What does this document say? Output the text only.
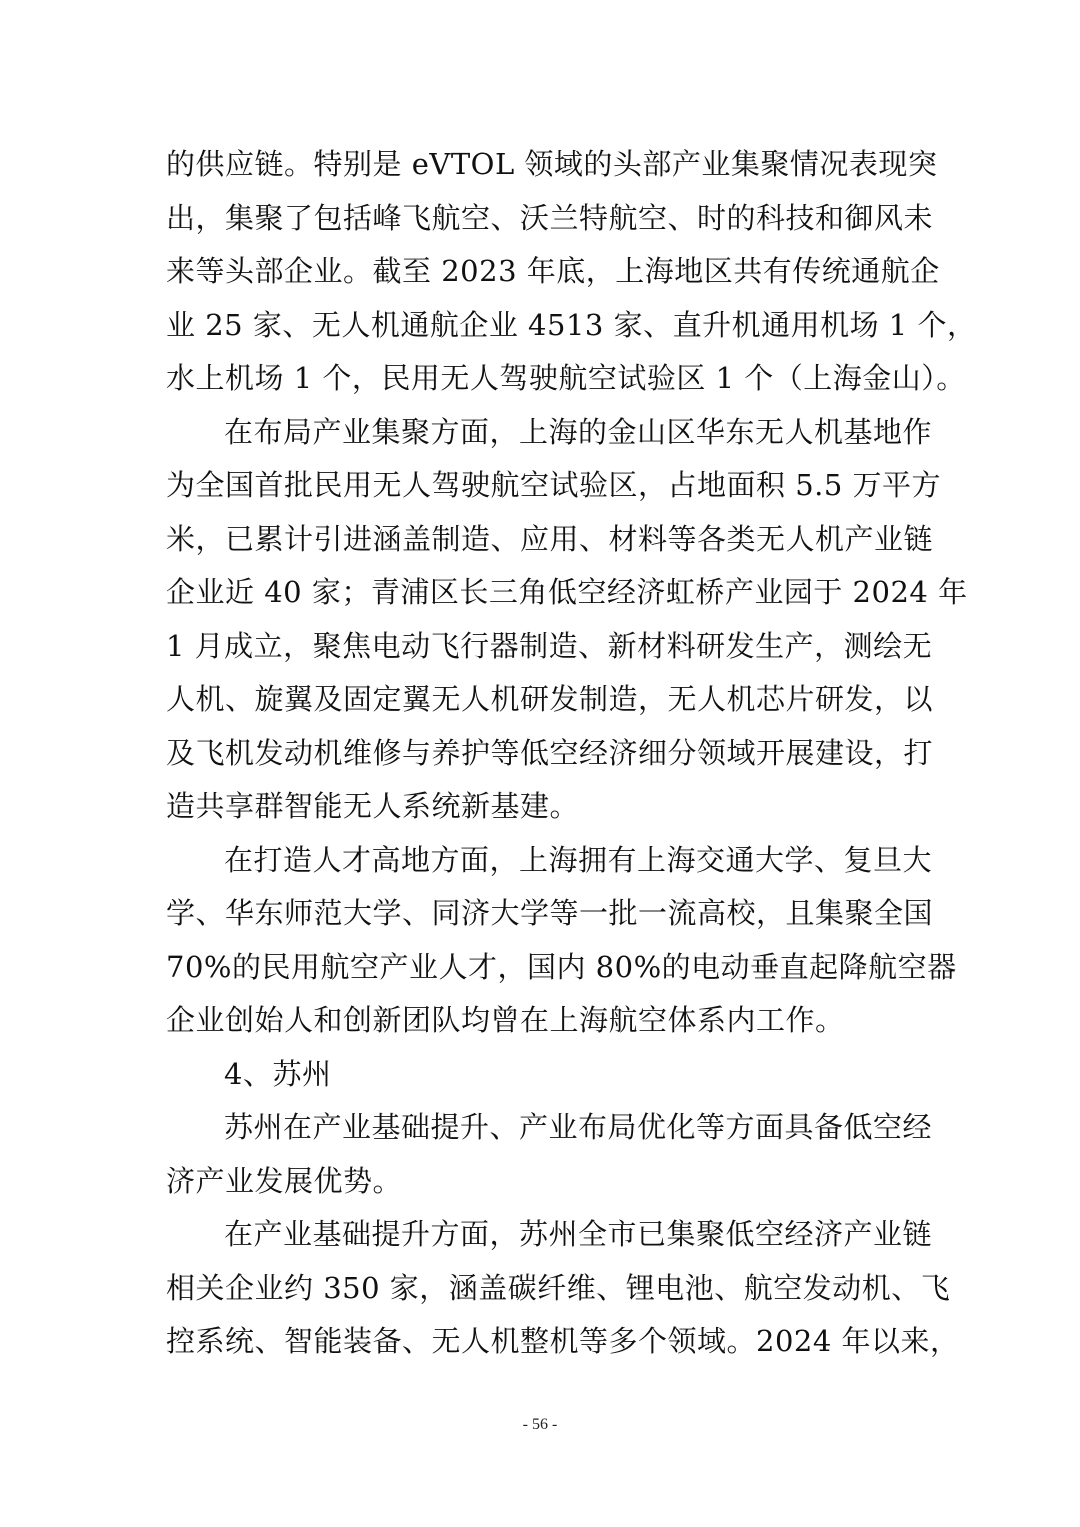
的供应链。特别是 eVTOL 领域的头部产业集聚情况表现突
出，集聚了包括峰飞航空、沃兰特航空、时的科技和御风未
来等头部企业。截至 2023 年底，上海地区共有传统通航企
业 25 家、无人机通航企业 4513 家、直升机通用机场 1 个，
水上机场 1 个，民用无人驾驶航空试验区 1 个（上海金山）。
在布局产业集聚方面，上海的金山区华东无人机基地作
为全国首批民用无人驾驶航空试验区，占地面积 5.5 万平方
米，已累计引进涵盖制造、应用、材料等各类无人机产业链
企业近 40 家；青浦区长三角低空经济虹桥产业园于 2024 年
1 月成立，聚焦电动飞行器制造、新材料研发生产，测绘无
人机、旋翼及固定翼无人机研发制造，无人机芯片研发，以
及飞机发动机维修与养护等低空经济细分领域开展建设，打
造共享群智能无人系统新基建。
在打造人才高地方面，上海拥有上海交通大学、复旦大
学、华东师范大学、同济大学等一批一流高校，且集聚全国
70%的民用航空产业人才，国内 80%的电动垂直起降航空器
企业创始人和创新团队均曾在上海航空体系内工作。
4、苏州
苏州在产业基础提升、产业布局优化等方面具备低空经
济产业发展优势。
在产业基础提升方面，苏州全市已集聚低空经济产业链
相关企业约 350 家，涵盖碳纤维、锂电池、航空发动机、飞
控系统、智能装备、无人机整机等多个领域。2024 年以来，
- 56 -
